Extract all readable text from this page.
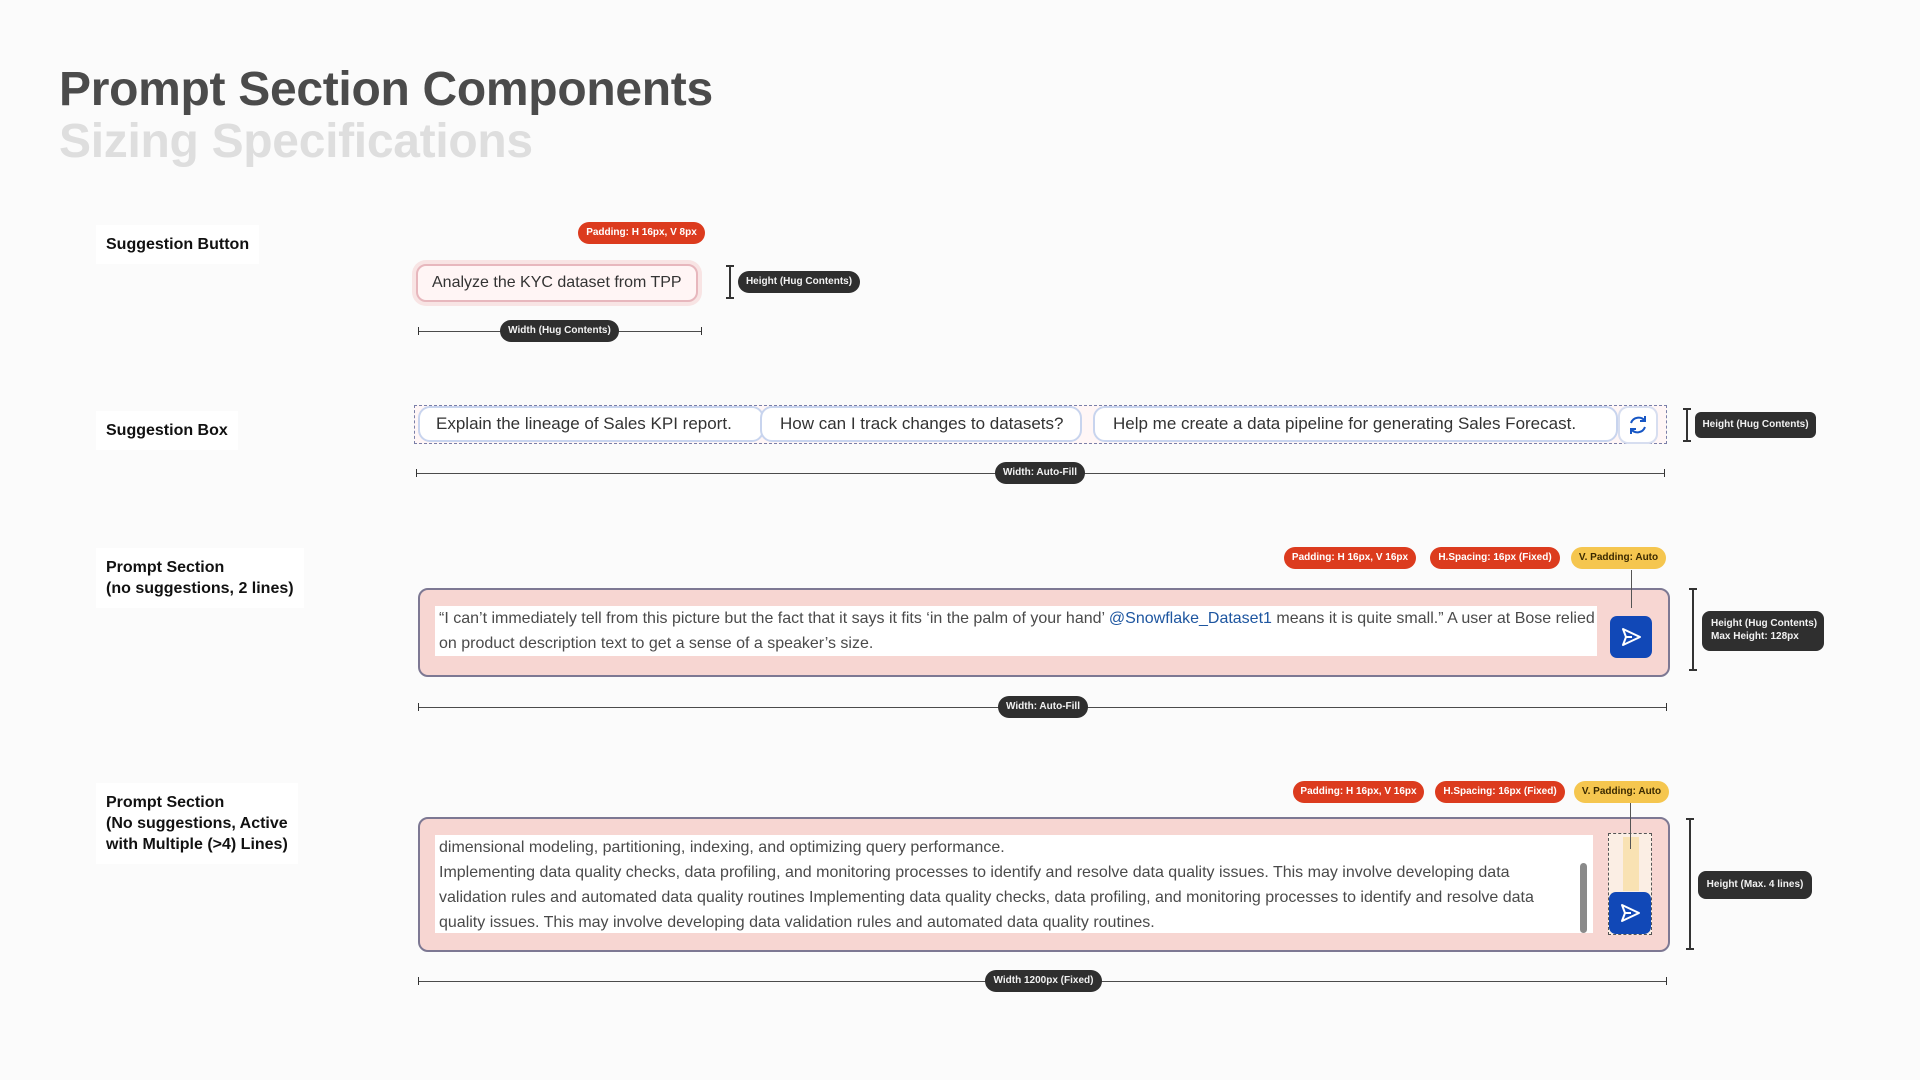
Prompt Section Components
Sizing Specifications
Suggestion Button
Padding: H 16px, V 8px
Analyze the KYC dataset from TPP	Height (Hug Contents)
Width (Hug Contents)
Suggestion Box	Explain the lineage of Sales KPI report.	How can I track changes to datasets?	Help me create a data pipeline for generating Sales Forecast.	Height (Hug Contents)
Width: Auto-Fill
Prompt Section
(no suggestions, 2 lines)
Padding: H 16px, V 16px	H.Spacing: 16px (Fixed)	V. Padding: Auto
“I can’t immediately tell from this picture but the fact that it says it fits ‘in the palm of your hand’ @Snowflake_Dataset1 means it is quite small.” A user at Bose relied on product description text to get a sense of a speaker’s size.
Height (Hug Contents)
Max Height: 128px
Width: Auto-Fill
Prompt Section
(No suggestions, Active
with Multiple (>4) Lines)
Padding: H 16px, V 16px	H.Spacing: 16px (Fixed)	V. Padding: Auto
dimensional modeling, partitioning, indexing, and optimizing query performance.
Implementing data quality checks, data profiling, and monitoring processes to identify and resolve data quality issues. This may involve developing data validation rules and automated data quality routines Implementing data quality checks, data profiling, and monitoring processes to identify and resolve data quality issues. This may involve developing data validation rules and automated data quality routines.
Height (Max. 4 lines)
Width 1200px (Fixed)
